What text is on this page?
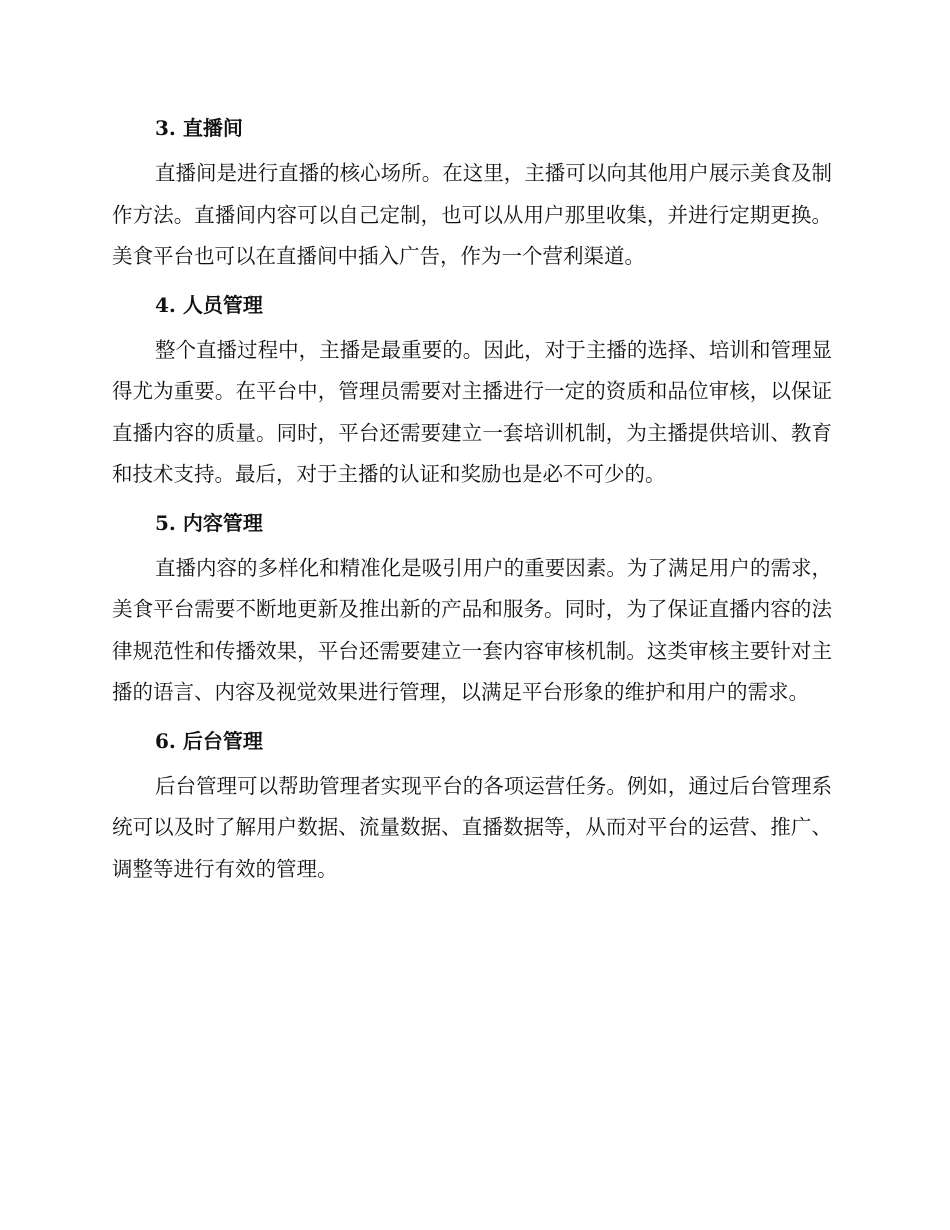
3. 直播间

直播间是进行直播的核心场所。在这里，主播可以向其他用户展示美食及制作方法。直播间内容可以自己定制，也可以从用户那里收集，并进行定期更换。美食平台也可以在直播间中插入广告，作为一个营利渠道。

4. 人员管理

整个直播过程中，主播是最重要的。因此，对于主播的选择、培训和管理显得尤为重要。在平台中，管理员需要对主播进行一定的资质和品位审核，以保证直播内容的质量。同时，平台还需要建立一套培训机制，为主播提供培训、教育和技术支持。最后，对于主播的认证和奖励也是必不可少的。

5. 内容管理

直播内容的多样化和精准化是吸引用户的重要因素。为了满足用户的需求，美食平台需要不断地更新及推出新的产品和服务。同时，为了保证直播内容的法律规范性和传播效果，平台还需要建立一套内容审核机制。这类审核主要针对主播的语言、内容及视觉效果进行管理，以满足平台形象的维护和用户的需求。

6. 后台管理

后台管理可以帮助管理者实现平台的各项运营任务。例如，通过后台管理系统可以及时了解用户数据、流量数据、直播数据等，从而对平台的运营、推广、调整等进行有效的管理。
